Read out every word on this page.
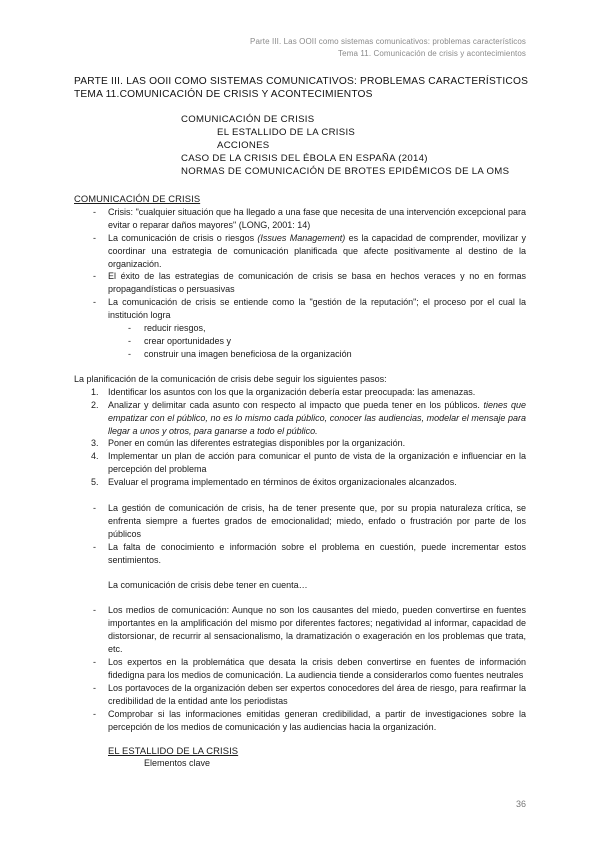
Parte III. Las OOII como sistemas comunicativos: problemas característicos
Tema 11. Comunicación de crisis y acontecimientos
PARTE III. LAS OOII COMO SISTEMAS COMUNICATIVOS: PROBLEMAS CARACTERÍSTICOS
TEMA 11.COMUNICACIÓN DE CRISIS Y ACONTECIMIENTOS
COMUNICACIÓN DE CRISIS
EL ESTALLIDO DE LA CRISIS
ACCIONES
CASO DE LA CRISIS DEL ÉBOLA EN ESPAÑA (2014)
NORMAS DE COMUNICACIÓN DE BROTES EPIDÉMICOS DE LA OMS
COMUNICACIÓN DE CRISIS
- Crisis: "cualquier situación que ha llegado a una fase que necesita de una intervención excepcional para evitar o reparar daños mayores" (LONG, 2001: 14)
- La comunicación de crisis o riesgos (Issues Management) es la capacidad de comprender, movilizar y coordinar una estrategia de comunicación planificada que afecte positivamente al destino de la organización.
- El éxito de las estrategias de comunicación de crisis se basa en hechos veraces y no en formas propagandísticas o persuasivas
- La comunicación de crisis se entiende como la "gestión de la reputación"; el proceso por el cual la institución logra
- reducir riesgos,
- crear oportunidades y
- construir una imagen beneficiosa de la organización
La planificación de la comunicación de crisis debe seguir los siguientes pasos:
1. Identificar los asuntos con los que la organización debería estar preocupada: las amenazas.
2. Analizar y delimitar cada asunto con respecto al impacto que pueda tener en los públicos. tienes que empatizar con el público, no es lo mismo cada público, conocer las audiencias, modelar el mensaje para llegar a unos y otros, para ganarse a todo el público.
3. Poner en común las diferentes estrategias disponibles por la organización.
4. Implementar un plan de acción para comunicar el punto de vista de la organización e influenciar en la percepción del problema
5. Evaluar el programa implementado en términos de éxitos organizacionales alcanzados.
- La gestión de comunicación de crisis, ha de tener presente que, por su propia naturaleza crítica, se enfrenta siempre a fuertes grados de emocionalidad; miedo, enfado o frustración por parte de los públicos
- La falta de conocimiento e información sobre el problema en cuestión, puede incrementar estos sentimientos.
La comunicación de crisis debe tener en cuenta…
- Los medios de comunicación: Aunque no son los causantes del miedo, pueden convertirse en fuentes importantes en la amplificación del mismo por diferentes factores; negatividad al informar, capacidad de distorsionar, de recurrir al sensacionalismo, la dramatización o exageración en los problemas que trata, etc.
- Los expertos en la problemática que desata la crisis deben convertirse en fuentes de información fidedigna para los medios de comunicación. La audiencia tiende a considerarlos como fuentes neutrales
- Los portavoces de la organización deben ser expertos conocedores del área de riesgo, para reafirmar la credibilidad de la entidad ante los periodistas
- Comprobar si las informaciones emitidas generan credibilidad, a partir de investigaciones sobre la percepción de los medios de comunicación y las audiencias hacia la organización.
EL ESTALLIDO DE LA CRISIS
Elementos clave
36
